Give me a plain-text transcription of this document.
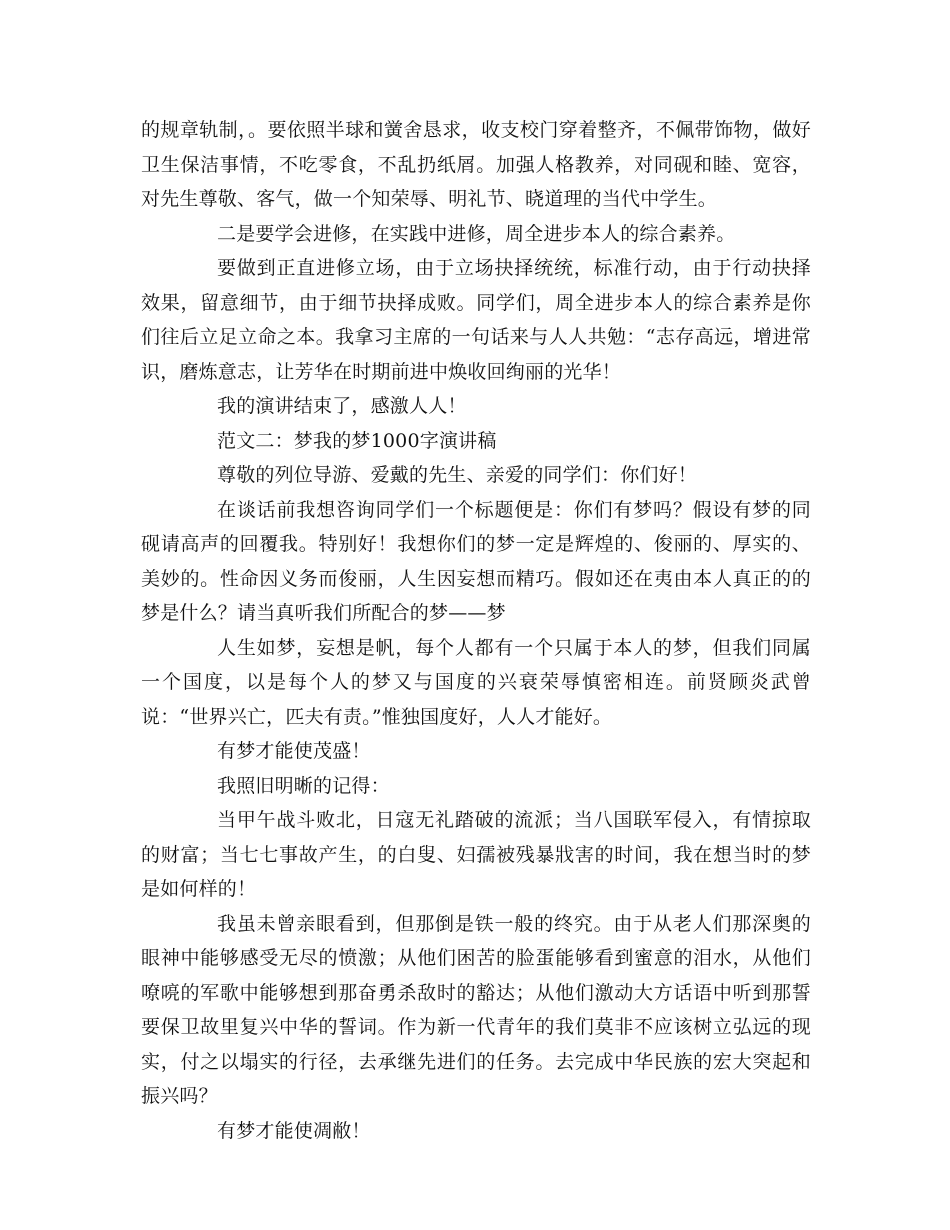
的规章轨制，。要依照半球和黉舍恳求，收支校门穿着整齐，不佩带饰物，做好卫生保洁事情，不吃零食，不乱扔纸屑。加强人格教养，对同砚和睦、宽容，对先生尊敬、客气，做一个知荣辱、明礼节、晓道理的当代中学生。

二是要学会进修，在实践中进修，周全进步本人的综合素养。

要做到正直进修立场，由于立场抉择统统，标准行动，由于行动抉择效果，留意细节，由于细节抉择成败。同学们，周全进步本人的综合素养是你们往后立足立命之本。我拿习主席的一句话来与人人共勉：“志存高远，增进常识，磨炼意志，让芳华在时期前进中焕收回绚丽的光华！

我的演讲结束了，感激人人！

范文二：梦我的梦1000字演讲稿

尊敬的列位导游、爱戴的先生、亲爱的同学们：你们好！

在谈话前我想咨询同学们一个标题便是：你们有梦吗？假设有梦的同砚请高声的回覆我。特别好！我想你们的梦一定是辉煌的、俊丽的、厚实的、美妙的。性命因义务而俊丽，人生因妄想而精巧。假如还在夷由本人真正的的梦是什么？请当真听我们所配合的梦——梦

人生如梦，妄想是帆，每个人都有一个只属于本人的梦，但我们同属一个国度，以是每个人的梦又与国度的兴衰荣辱慎密相连。前贤顾炎武曾说：“世界兴亡，匹夫有责。”惟独国度好，人人才能好。

有梦才能使茂盛！

我照旧明晰的记得：

当甲午战斗败北，日寇无礼踏破的流派；当八国联军侵入，有情掠取的财富；当七七事故产生，的白叟、妇孺被残暴戕害的时间，我在想当时的梦是如何样的！

我虽未曾亲眼看到，但那倒是铁一般的终究。由于从老人们那深奥的眼神中能够感受无尽的愤激；从他们困苦的脸蛋能够看到蜜意的泪水，从他们嘹喨的军歌中能够想到那奋勇杀敌时的豁达；从他们激动大方话语中听到那誓要保卫故里复兴中华的誓词。作为新一代青年的我们莫非不应该树立弘远的现实，付之以塌实的行径，去承继先进们的任务。去完成中华民族的宏大突起和振兴吗？

有梦才能使凋敝！
